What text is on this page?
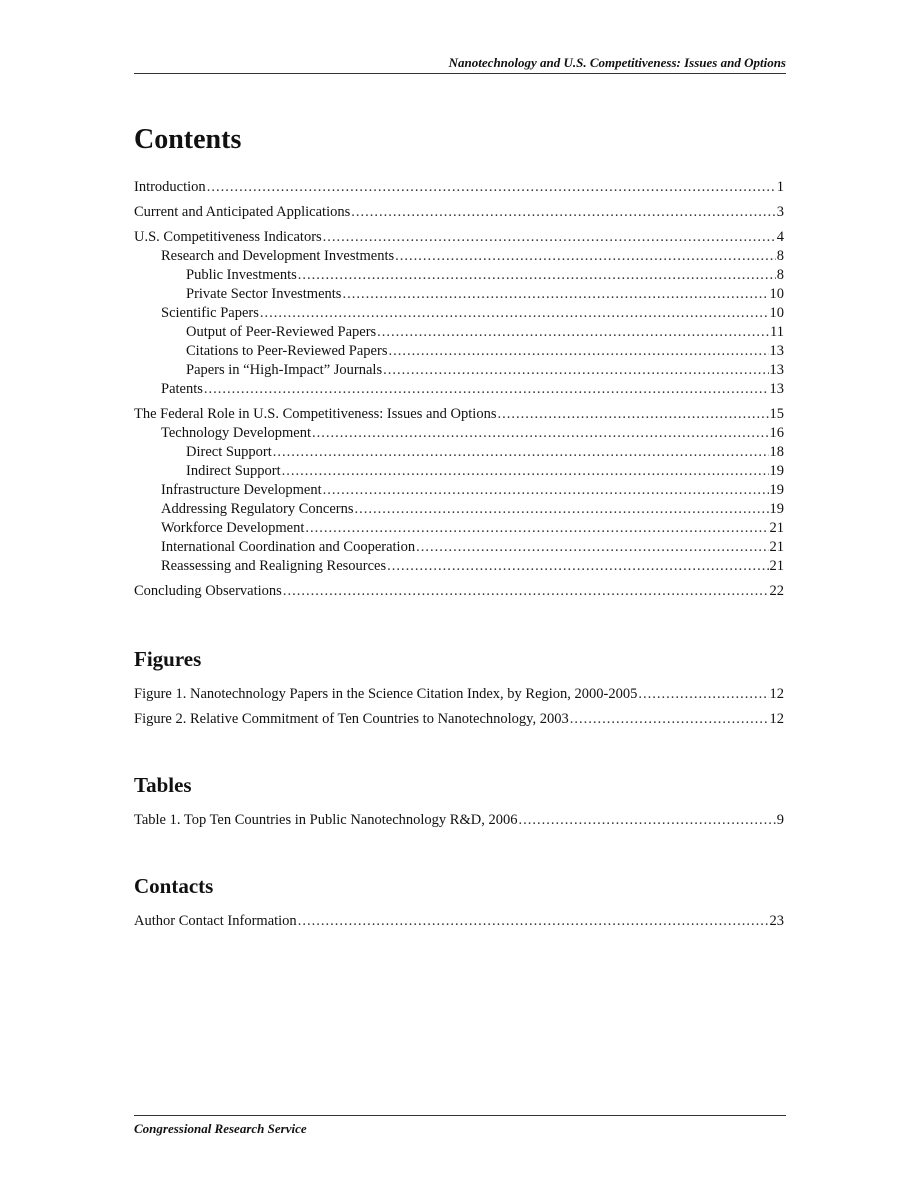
Nanotechnology and U.S. Competitiveness: Issues and Options
Contents
Introduction .....	1
Current and Anticipated Applications .....	3
U.S. Competitiveness Indicators .....	4
Research and Development Investments .....	8
Public Investments .....	8
Private Sector Investments .....	10
Scientific Papers .....	10
Output of Peer-Reviewed Papers .....	11
Citations to Peer-Reviewed Papers .....	13
Papers in “High-Impact” Journals .....	13
Patents .....	13
The Federal Role in U.S. Competitiveness: Issues and Options .....	15
Technology Development .....	16
Direct Support .....	18
Indirect Support .....	19
Infrastructure Development .....	19
Addressing Regulatory Concerns .....	19
Workforce Development .....	21
International Coordination and Cooperation .....	21
Reassessing and Realigning Resources .....	21
Concluding Observations .....	22
Figures
Figure 1. Nanotechnology Papers in the Science Citation Index, by Region, 2000-2005 .....	12
Figure 2. Relative Commitment of Ten Countries to Nanotechnology, 2003 .....	12
Tables
Table 1. Top Ten Countries in Public Nanotechnology R&D, 2006 .....	9
Contacts
Author Contact Information .....	23
Congressional Research Service
